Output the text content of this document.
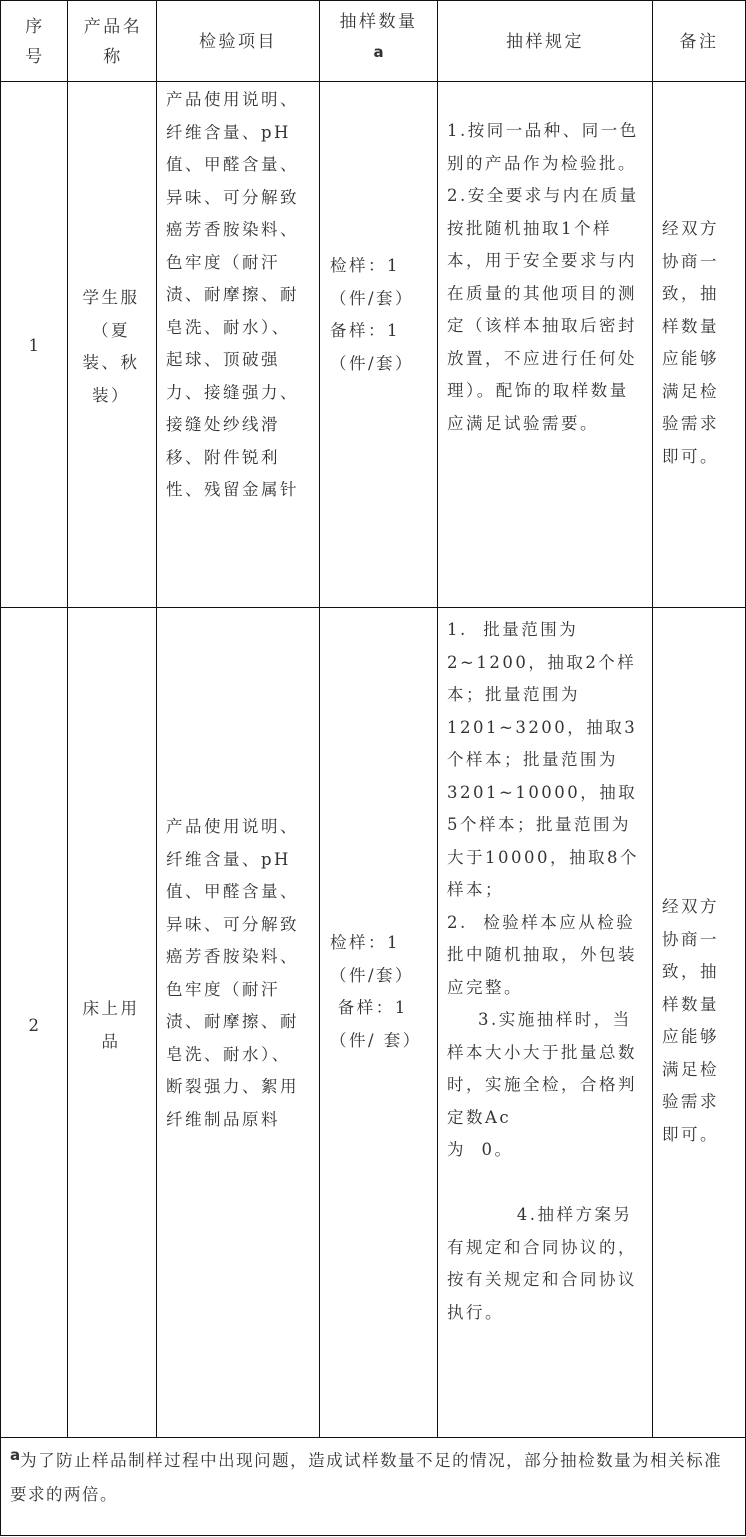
序号
产品名称
检验项目
抽样数量
a
抽样规定	备注
1
学生服（夏装、秋装）
产品使用说明、纤维含量、pH值、甲醛含量、异味、可分解致癌芳香胺染料、色牢度（耐汗渍、耐摩擦、耐皂洗、耐水）、起球、顶破强力、接缝强力、接缝处纱线滑移、附件锐利性、残留金属针
检样：1（件/套）
备样：1（件/套）
1.按同一品种、同一色别的产品作为检验批。
2.安全要求与内在质量按批随机抽取1个样本，用于安全要求与内在质量的其他项目的测定（该样本抽取后密封放置，不应进行任何处理）。配饰的取样数量应满足试验需要。
经双方协商一致，抽样数量应能够满足检验需求即可。
2
床上用品
产品使用说明、纤维含量、pH值、甲醛含量、异味、可分解致癌芳香胺染料、色牢度（耐汗渍、耐摩擦、耐皂洗、耐水）、断裂强力、絮用纤维制品原料
检样：1（件/套）
备样：1 （件/ 套）
1.  批量范围为2~1200，抽取2个样本；批量范围为1201~3200，抽取3个样本；批量范围为3201~10000，抽取5个样本；批量范围为大于10000，抽取8个样本；
2.  检验样本应从检验批中随机抽取，外包装应完整。
3.实施抽样时，当样本大小大于批量总数时，实施全检，合格判定数Ac
为  0。

4.抽样方案另有规定和合同协议的，按有关规定和合同协议执行。
经双方协商一致，抽样数量应能够满足检验需求即可。
a为了防止样品制样过程中出现问题，造成试样数量不足的情况，部分抽检数量为相关标准要求的两倍。
